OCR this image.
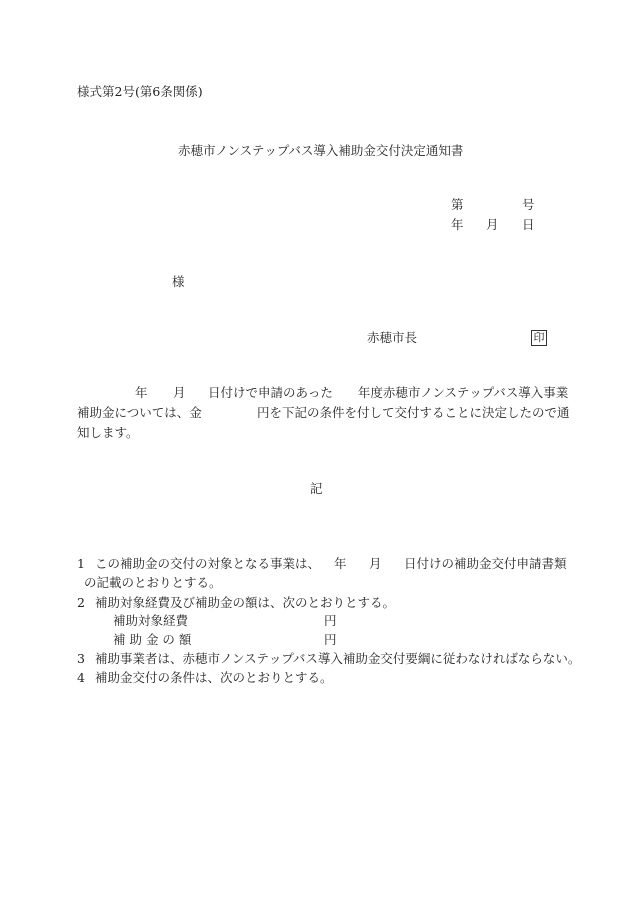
様式第2号(第6条関係)
赤穂市ノンステップバス導入補助金交付決定通知書
第	号
年 月 日
様
赤穂市長	印
年 月 日付けで申請のあった　　年度赤穂市ノンステップバス導入事業
補助金については、金	円を下記の条件を付して交付することに決定したので通
知します。
記
1 この補助金の交付の対象となる事業は、 年 月 日付けの補助金交付申請書類
の記載のとおりとする。
2 補助対象経費及び補助金の額は、次のとおりとする。
補助対象経費	円
補 助 金 の 額	円
3 補助事業者は、赤穂市ノンステップバス導入補助金交付要綱に従わなければならない。
4 補助金交付の条件は、次のとおりとする。
